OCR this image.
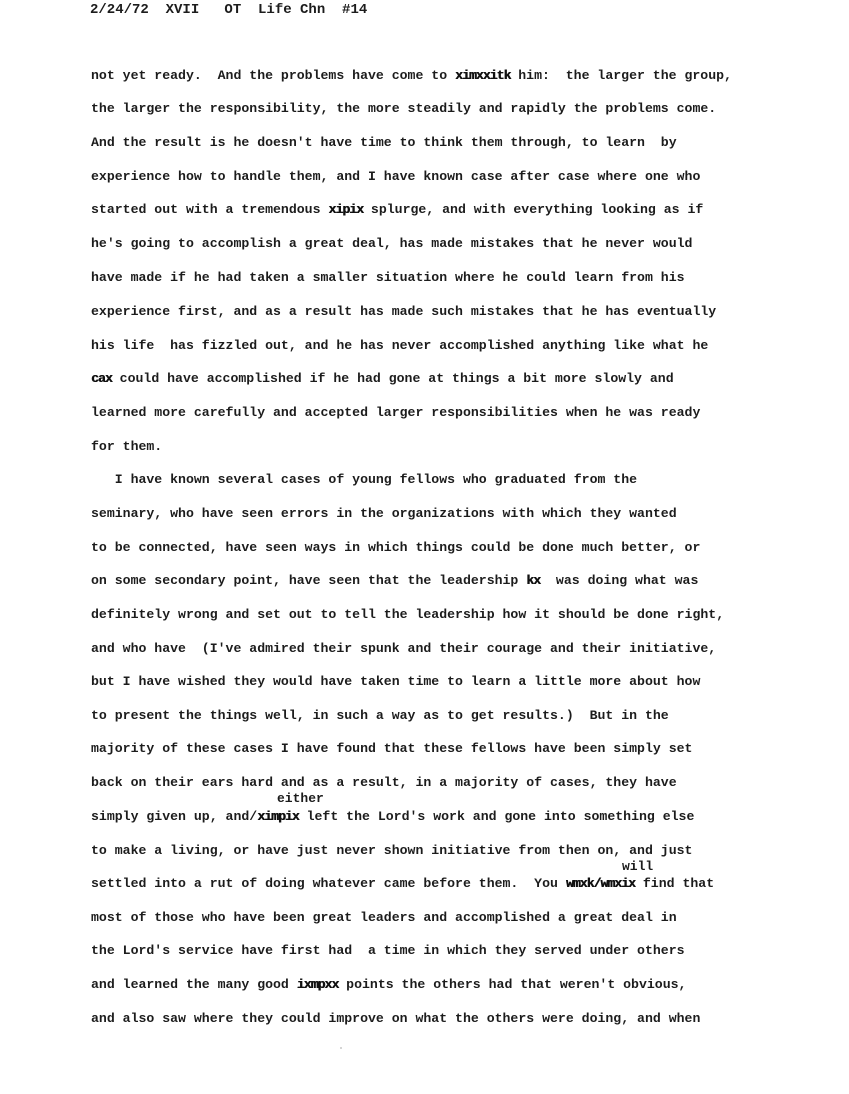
2/24/72  XVII   OT  Life Chn  #14
not yet ready.  And the problems have come to ximxxitk him:  the larger the group,
the larger the responsibility, the more steadily and rapidly the problems come.
And the result is he doesn't have time to think them through, to learn  by
experience how to handle them, and I have known case after case where one who
started out with a tremendous xipix splurge, and with everything looking as if
he's going to accomplish a great deal, has made mistakes that he never would
have made if he had taken a smaller situation where he could learn from his
experience first, and as a result has made such mistakes that he has eventually
his life  has fizzled out, and he has never accomplished anything like what he
cax could have accomplished if he had gone at things a bit more slowly and
learned more carefully and accepted larger responsibilities when he was ready
for them.
I have known several cases of young fellows who graduated from the
seminary, who have seen errors in the organizations with which they wanted
to be connected, have seen ways in which things could be done much better, or
on some secondary point, have seen that the leadership kx  was doing what was
definitely wrong and set out to tell the leadership how it should be done right,
and who have  (I've admired their spunk and their courage and their initiative,
but I have wished they would have taken time to learn a little more about how
to present the things well, in such a way as to get results.)  But in the
majority of these cases I have found that these fellows have been simply set
back on their ears hard and as a result, in a majority of cases, they have
simply given up, and/ximpix left the Lord's work and gone into something else
to make a living, or have just never shown initiative from then on, and just
settled into a rut of doing whatever came before them.  You wmxk/wmxix find that
most of those who have been great leaders and accomplished a great deal in
the Lord's service have first had  a time in which they served under others
and learned the many good ixmpxx points the others had that weren't obvious,
and also saw where they could improve on what the others were doing, and when
either
will
